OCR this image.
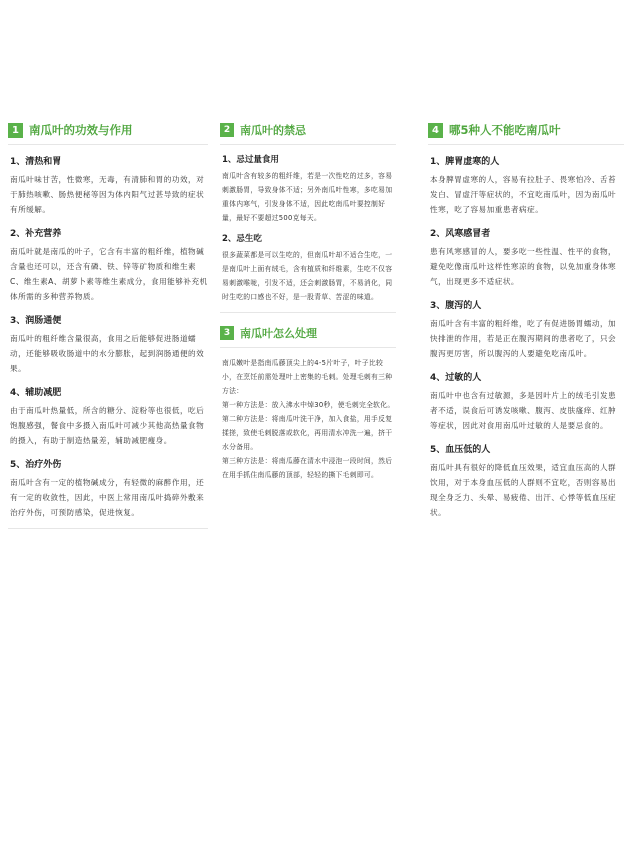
1 南瓜叶的功效与作用
1、清热和胃

南瓜叶味甘苦，性微寒，无毒，有清肺和胃的功效，对于肺热咳嗽、肠热便秘等因为体内阳气过甚导致的症状有所缓解。

2、补充营养

南瓜叶就是南瓜的叶子，它含有丰富的粗纤维，植物碱含量也还可以，还含有磷、铁、锌等矿物质和维生素C、维生素A、胡萝卜素等维生素成分，食用能够补充机体所需的多种营养物质。

3、润肠通便

南瓜叶的粗纤维含量很高，食用之后能够促进肠道蠕动，还能够吸收肠道中的水分膨胀，起到润肠通便的效果。

4、辅助减肥

由于南瓜叶热量低，所含的糖分、淀粉等也很低，吃后饱腹感强，餐食中多摄入南瓜叶可减少其他高热量食物的摄入，有助于制造热量差，辅助减肥瘦身。

5、治疗外伤

南瓜叶含有一定的植物碱成分，有轻微的麻醉作用，还有一定的收敛性，因此，中医上常用南瓜叶捣碎外敷来治疗外伤，可预防感染，促进恢复。

2 南瓜叶的禁忌
1、忌过量食用

南瓜叶含有较多的粗纤维，若是一次性吃的过多，容易刺激肠胃，导致身体不适；另外南瓜叶性寒，多吃易加重体内寒气，引发身体不适，因此吃南瓜叶要控制好量，最好不要超过500克每天。

2、忌生吃

很多蔬菜都是可以生吃的，但南瓜叶却不适合生吃，一是南瓜叶上面有绒毛，含有植质和纤维素，生吃不仅容易刺激喉咙，引发不适，还会刺激肠胃，不易消化，同时生吃的口感也不好，是一股青草、苦涩的味道。

3 南瓜叶怎么处理

南瓜嫩叶是指南瓜藤顶尖上的4-5片叶子，叶子比较小，在烹饪前需处理叶上密集的毛刺。处理毛刺有三种方法：

第一种方法是：放入沸水中焯30秒，使毛刺完全软化。

第二种方法是：将南瓜叶洗干净，加入食盐，用手反复揉搓，致使毛刺脱落或软化，再用清水冲洗一遍，挤干水分备用。

第三种方法是：将南瓜藤在清水中浸泡一段时间，然后在用手抓住南瓜藤的顶部，轻轻的撕下毛刺即可。

4 哪5种人不能吃南瓜叶
1、脾胃虚寒的人

本身脾胃虚寒的人，容易有拉肚子、畏寒怕冷、舌苔发白、冒虚汗等症状的，不宜吃南瓜叶，因为南瓜叶性寒，吃了容易加重患者病症。

2、风寒感冒者

患有风寒感冒的人，要多吃一些性温、性平的食物，避免吃像南瓜叶这样性寒凉的食物，以免加重身体寒气，出现更多不适症状。

3、腹泻的人

南瓜叶含有丰富的粗纤维，吃了有促进肠胃蠕动，加快排泄的作用，若是正在腹泻期间的患者吃了，只会腹泻更厉害，所以腹泻的人要避免吃南瓜叶。

4、过敏的人

南瓜叶中也含有过敏源，多是因叶片上的绒毛引发患者不适，误食后可诱发咳嗽、腹泻、皮肤瘙痒、红肿等症状，因此对食用南瓜叶过敏的人是要忌食的。

5、血压低的人

南瓜叶具有很好的降低血压效果，适宜血压高的人群饮用，对于本身血压低的人群则不宜吃，否则容易出现全身乏力、头晕、易疲倦、出汗、心悸等低血压症状。
